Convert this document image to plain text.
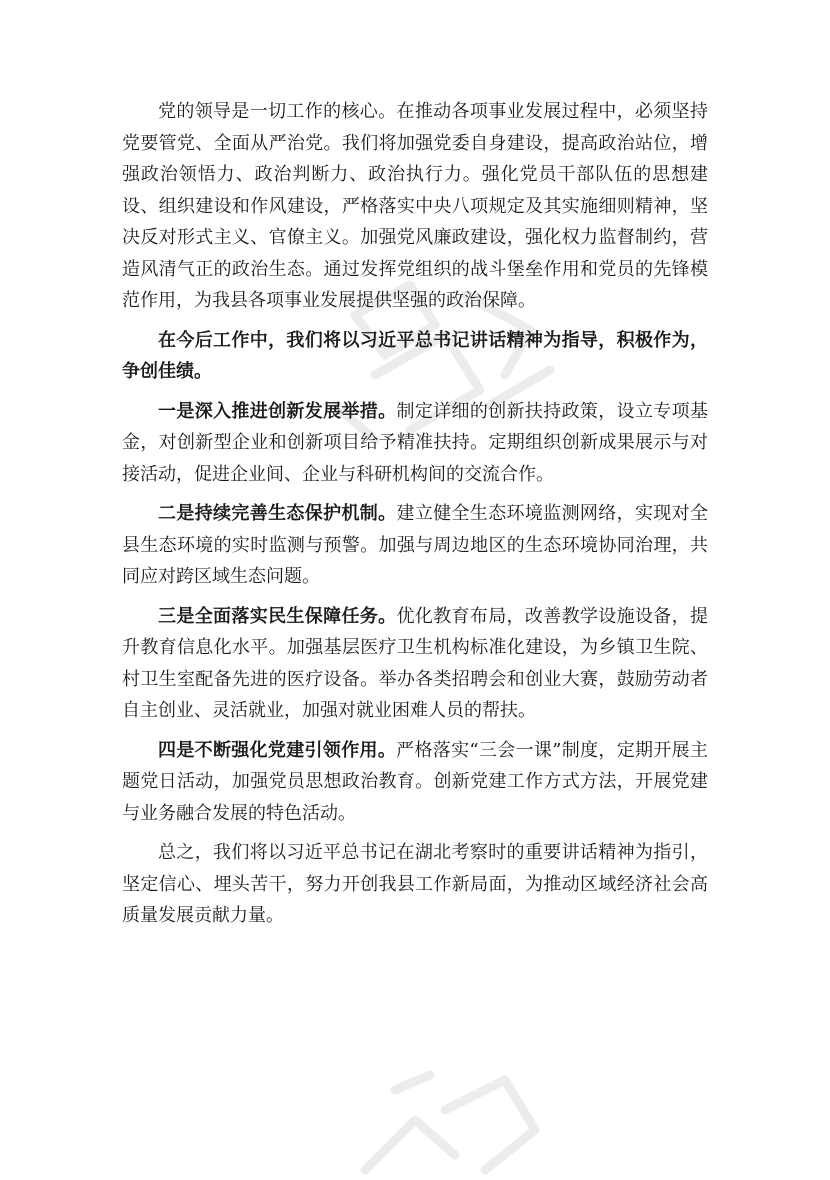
党的领导是一切工作的核心。在推动各项事业发展过程中，必须坚持党要管党、全面从严治党。我们将加强党委自身建设，提高政治站位，增强政治领悟力、政治判断力、政治执行力。强化党员干部队伍的思想建设、组织建设和作风建设，严格落实中央八项规定及其实施细则精神，坚决反对形式主义、官僚主义。加强党风廉政建设，强化权力监督制约，营造风清气正的政治生态。通过发挥党组织的战斗堡垒作用和党员的先锋模范作用，为我县各项事业发展提供坚强的政治保障。

在今后工作中，我们将以习近平总书记讲话精神为指导，积极作为，争创佳绩。

一是深入推进创新发展举措。制定详细的创新扶持政策，设立专项基金，对创新型企业和创新项目给予精准扶持。定期组织创新成果展示与对接活动，促进企业间、企业与科研机构间的交流合作。

二是持续完善生态保护机制。建立健全生态环境监测网络，实现对全县生态环境的实时监测与预警。加强与周边地区的生态环境协同治理，共同应对跨区域生态问题。

三是全面落实民生保障任务。优化教育布局，改善教学设施设备，提升教育信息化水平。加强基层医疗卫生机构标准化建设，为乡镇卫生院、村卫生室配备先进的医疗设备。举办各类招聘会和创业大赛，鼓励劳动者自主创业、灵活就业，加强对就业困难人员的帮扶。

四是不断强化党建引领作用。严格落实“三会一课”制度，定期开展主题党日活动，加强党员思想政治教育。创新党建工作方式方法，开展党建与业务融合发展的特色活动。

总之，我们将以习近平总书记在湖北考察时的重要讲话精神为指引，坚定信心、埋头苦干，努力开创我县工作新局面，为推动区域经济社会高质量发展贡献力量。
